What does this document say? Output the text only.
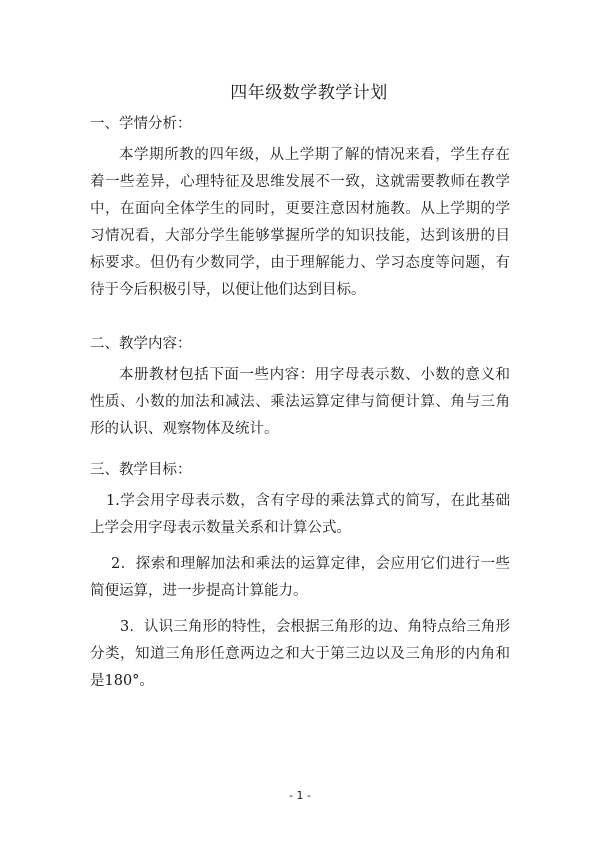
四年级数学教学计划
一、学情分析：
本学期所教的四年级，从上学期了解的情况来看，学生存在着一些差异，心理特征及思维发展不一致，这就需要教师在教学中，在面向全体学生的同时，更要注意因材施教。从上学期的学习情况看，大部分学生能够掌握所学的知识技能，达到该册的目标要求。但仍有少数同学，由于理解能力、学习态度等问题，有待于今后积极引导，以便让他们达到目标。
二、教学内容：
本册教材包括下面一些内容：用字母表示数、小数的意义和性质、小数的加法和减法、乘法运算定律与简便计算、角与三角形的认识、观察物体及统计。
三、教学目标：
1.学会用字母表示数，含有字母的乘法算式的简写，在此基础上学会用字母表示数量关系和计算公式。
2．探索和理解加法和乘法的运算定律，会应用它们进行一些简便运算，进一步提高计算能力。
3．认识三角形的特性，会根据三角形的边、角特点给三角形分类，知道三角形任意两边之和大于第三边以及三角形的内角和是180°。
- 1 -
